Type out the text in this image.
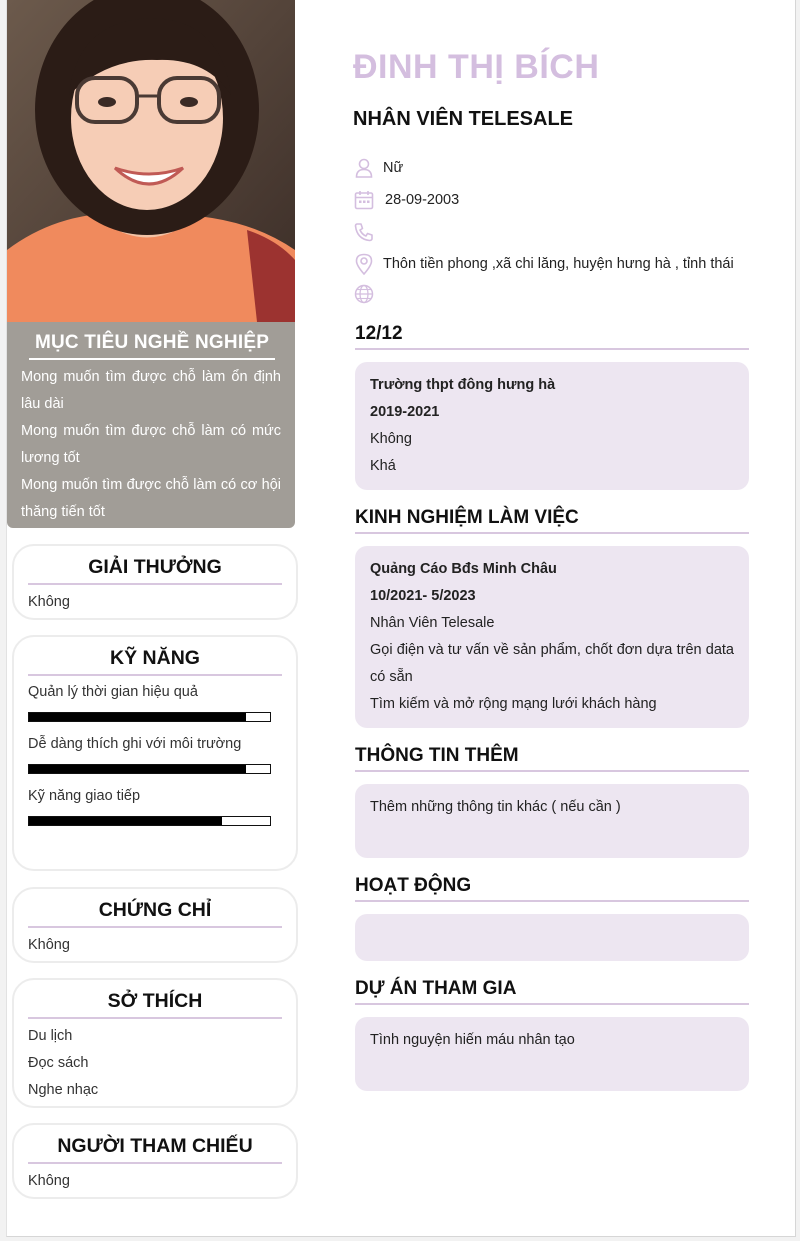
MỤC TIÊU NGHỀ NGHIỆP
Mong muốn tìm được chỗ làm ổn định lâu dài
Mong muốn tìm được chỗ làm có mức lương tốt
Mong muốn tìm được chỗ làm có cơ hội thăng tiến tốt
GIẢI THƯỞNG
Không
KỸ NĂNG
Quản lý thời gian hiệu quả
Dễ dàng thích ghi với môi trường
Kỹ năng giao tiếp
CHỨNG CHỈ
Không
SỞ THÍCH
Du lịch
Đọc sách
Nghe nhạc
NGƯỜI THAM CHIẾU
Không
ĐINH THỊ BÍCH
NHÂN VIÊN TELESALE
Nữ
28-09-2003
Thôn tiền phong ,xã chi lăng, huyện hưng hà , tỉnh thái
12/12
Trường thpt đông hưng hà
2019-2021
Không
Khá
KINH NGHIỆM LÀM VIỆC
Quảng Cáo Bđs Minh Châu
10/2021- 5/2023
Nhân Viên Telesale
Gọi điện và tư vấn về sản phẩm, chốt đơn dựa trên data có sẵn
Tìm kiếm và mở rộng mạng lưới khách hàng
THÔNG TIN THÊM
Thêm những thông tin khác ( nếu cần )
HOẠT ĐỘNG
DỰ ÁN THAM GIA
Tình nguyện hiến máu nhân tạo
